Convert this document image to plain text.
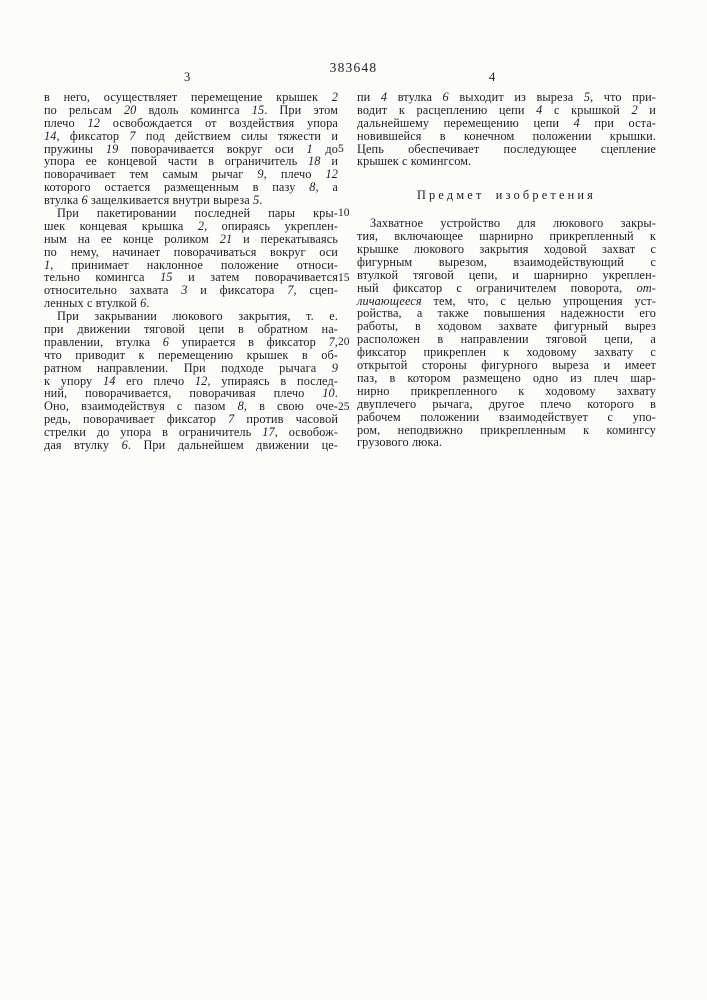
383648
3	4
5
10
15
20
25
в него, осуществляет перемещение крышек 2
по рельсам 20 вдоль комингса 15. При этом
плечо 12 освобождается от воздействия упора
14, фиксатор 7 под действием силы тяжести и
пружины 19 поворачивается вокруг оси 1 до
упора ее концевой части в ограничитель 18 и
поворачивает тем самым рычаг 9, плечо 12
которого остается размещенным в пазу 8, а
втулка 6 защелкивается внутри выреза 5.
При пакетировании последней пары кры-
шек концевая крышка 2, опираясь укреплен-
ным на ее конце роликом 21 и перекатываясь
по нему, начинает поворачиваться вокруг оси
1, принимает наклонное положение относи-
тельно комингса 15 и затем поворачивается
относительно захвата 3 и фиксатора 7, сцеп-
ленных с втулкой 6.
При закрывании люкового закрытия, т. е.
при движении тяговой цепи в обратном на-
правлении, втулка 6 упирается в фиксатор 7,
что приводит к перемещению крышек в об-
ратном направлении. При подходе рычага 9
к упору 14 его плечо 12, упираясь в послед-
ний, поворачивается, поворачивая плечо 10.
Оно, взаимодействуя с пазом 8, в свою оче-
редь, поворачивает фиксатор 7 против часовой
стрелки до упора в ограничитель 17, освобож-
дая втулку 6. При дальнейшем движении це-
пи 4 втулка 6 выходит из выреза 5, что при-
водит к расцеплению цепи 4 с крышкой 2 и
дальнейшему перемещению цепи 4 при оста-
новившейся в конечном положении крышки.
Цепь обеспечивает последующее сцепление
крышек с комингсом.
Предмет изобретения
Захватное устройство для люкового закры-
тия, включающее шарнирно прикрепленный к
крышке люкового закрытия ходовой захват с
фигурным вырезом, взаимодействующий с
втулкой тяговой цепи, и шарнирно укреплен-
ный фиксатор с ограничителем поворота, от-
личающееся тем, что, с целью упрощения уст-
ройства, а также повышения надежности его
работы, в ходовом захвате фигурный вырез
расположен в направлении тяговой цепи, а
фиксатор прикреплен к ходовому захвату с
открытой стороны фигурного выреза и имеет
паз, в котором размещено одно из плеч шар-
нирно прикрепленного к ходовому захвату
двуплечего рычага, другое плечо которого в
рабочем положении взаимодействует с упо-
ром, неподвижно прикрепленным к комингсу
грузового люка.
